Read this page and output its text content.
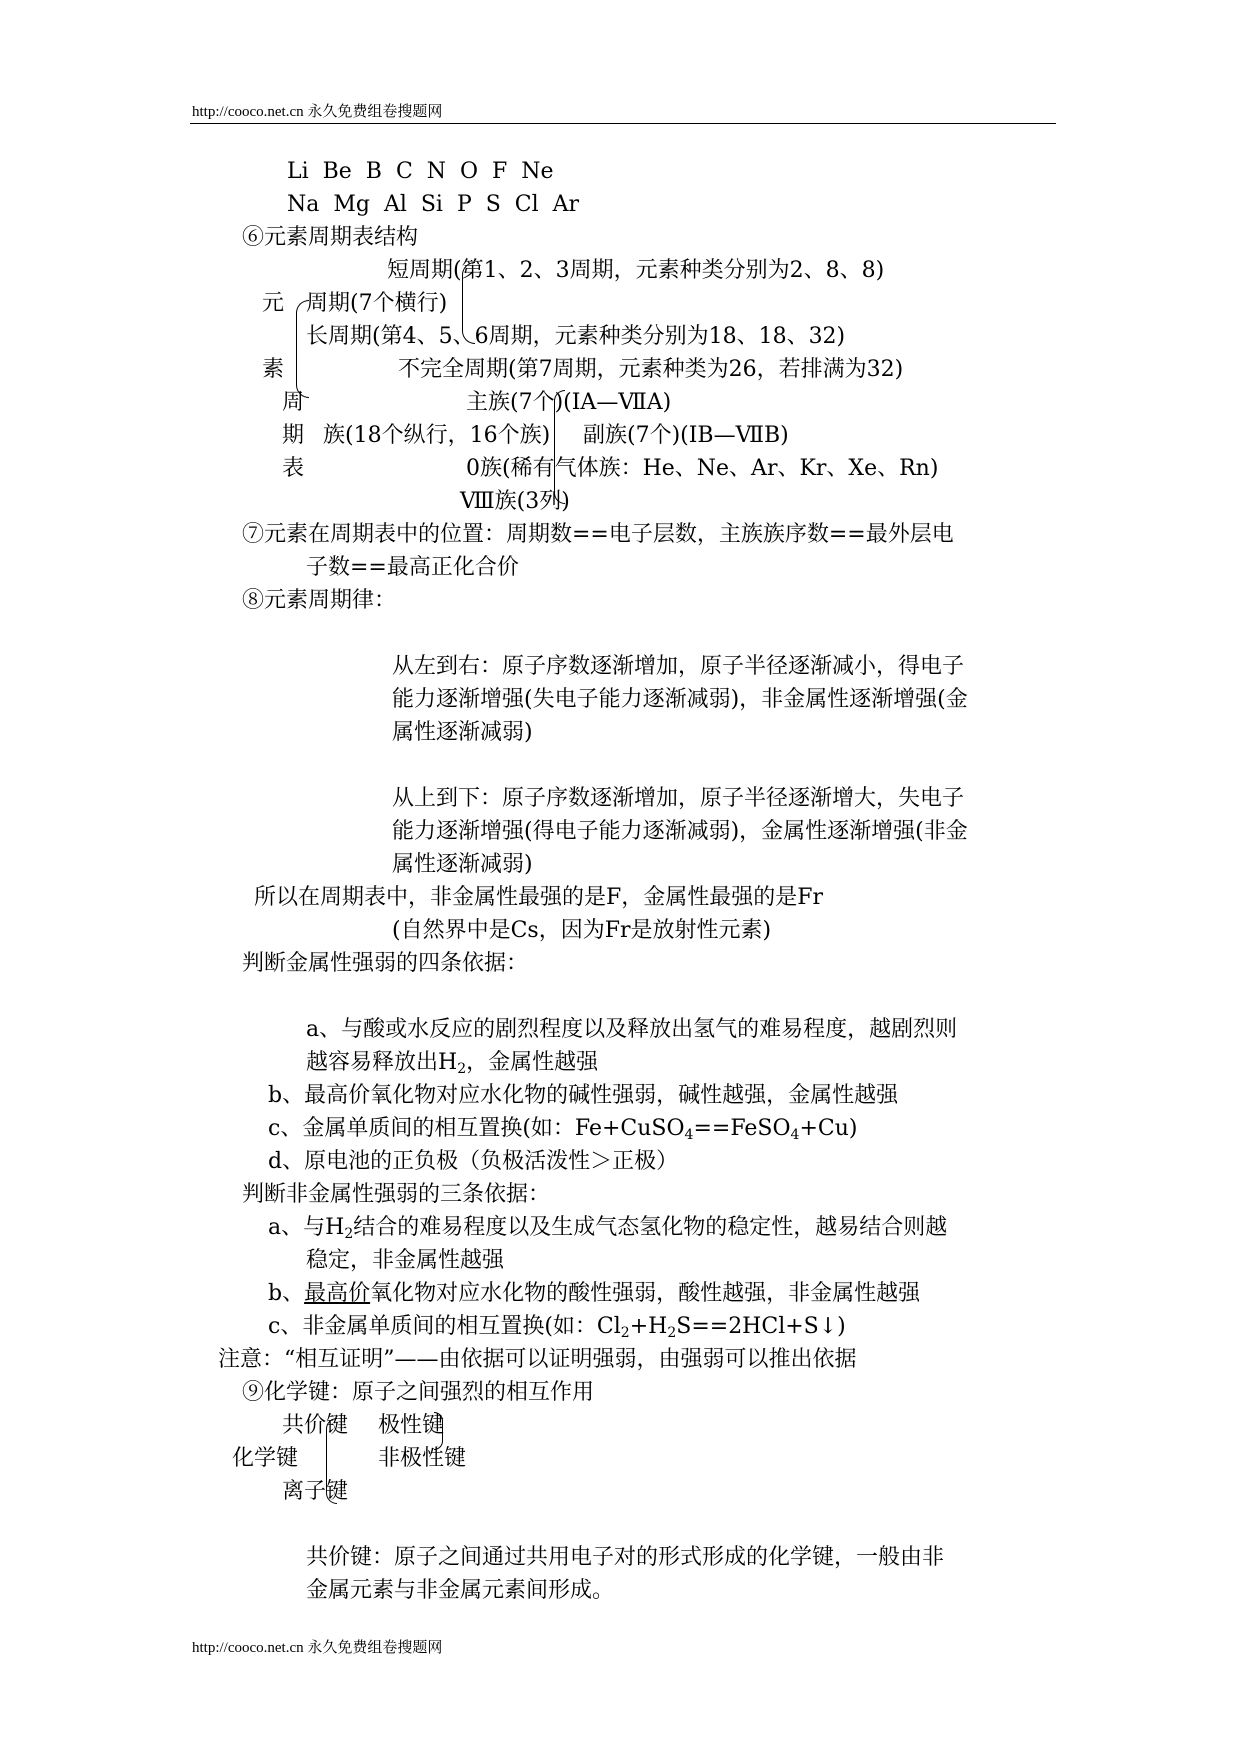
http://cooco.net.cn 永久免费组卷搜题网
Li  Be  B  C  N  O  F  Ne
Na  Mg  Al  Si  P  S  Cl  Ar
⑥元素周期表结构
短周期(第1、2、3周期，元素种类分别为2、8、8)
元 周期(7个横行)
长周期(第4、5、6周期，元素种类分别为18、18、32)
素	不完全周期(第7周期，元素种类为26，若排满为32)
周	主族(7个)(ⅠA—ⅦA)
期 族(18个纵行，16个族) 副族(7个)(ⅠB—ⅦB)
表	0族(稀有气体族：He、Ne、Ar、Kr、Xe、Rn)
Ⅷ族(3列)
⑦元素在周期表中的位置：周期数==电子层数，主族族序数==最外层电
子数==最高正化合价
⑧元素周期律：
从左到右：原子序数逐渐增加，原子半径逐渐减小，得电子
能力逐渐增强(失电子能力逐渐减弱)，非金属性逐渐增强(金
属性逐渐减弱)
从上到下：原子序数逐渐增加，原子半径逐渐增大，失电子
能力逐渐增强(得电子能力逐渐减弱)，金属性逐渐增强(非金
属性逐渐减弱)
所以在周期表中，非金属性最强的是F，金属性最强的是Fr
(自然界中是Cs，因为Fr是放射性元素)
判断金属性强弱的四条依据：
a、与酸或水反应的剧烈程度以及释放出氢气的难易程度，越剧烈则
越容易释放出$H_2$，金属性越强
b、最高价氧化物对应水化物的碱性强弱，碱性越强，金属性越强
c、金属单质间的相互置换(如：Fe+CuSO$_4$==FeSO$_4$+Cu)
d、原电池的正负极（负极活泼性＞正极）
判断非金属性强弱的三条依据：
a、与$H_2$结合的难易程度以及生成气态氢化物的稳定性，越易结合则越
稳定，非金属性越强
b、最高价氧化物对应水化物的酸性强弱，酸性越强，非金属性越强
c、非金属单质间的相互置换(如：$Cl_2+H_2S==2HCl+S↓$)
注意：“相互证明”——由依据可以证明强弱，由强弱可以推出依据
⑨化学键：原子之间强烈的相互作用
共价键 极性键
化学键	非极性键
离子键
共价键：原子之间通过共用电子对的形式形成的化学键，一般由非
金属元素与非金属元素间形成。
http://cooco.net.cn 永久免费组卷搜题网
